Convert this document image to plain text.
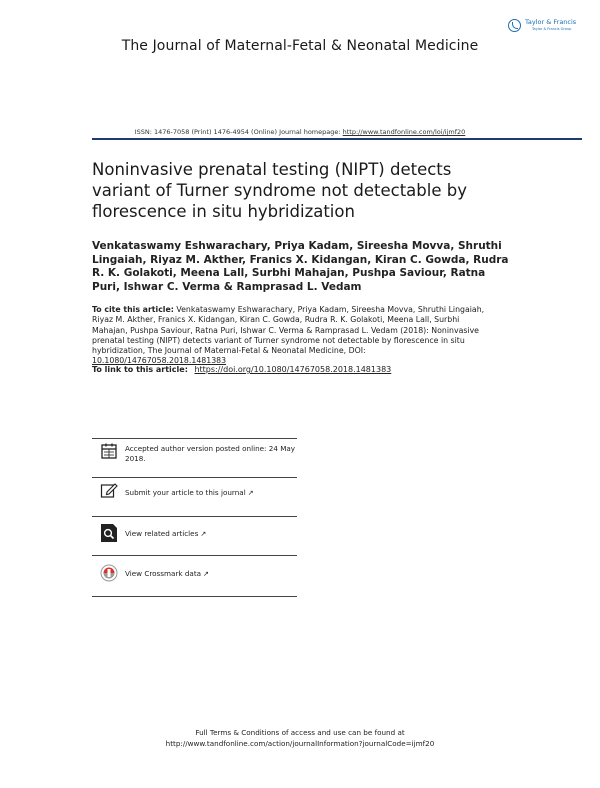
The Journal of Maternal-Fetal & Neonatal Medicine
Taylor & Francis
Taylor & Francis Group
ISSN: 1476-7058 (Print) 1476-4954 (Online) Journal homepage: http://www.tandfonline.com/loi/ijmf20
Noninvasive prenatal testing (NIPT) detects variant of Turner syndrome not detectable by florescence in situ hybridization
Venkataswamy Eshwarachary, Priya Kadam, Sireesha Movva, Shruthi Lingaiah, Riyaz M. Akther, Franics X. Kidangan, Kiran C. Gowda, Rudra R. K. Golakoti, Meena Lall, Surbhi Mahajan, Pushpa Saviour, Ratna Puri, Ishwar C. Verma & Ramprasad L. Vedam
To cite this article: Venkataswamy Eshwarachary, Priya Kadam, Sireesha Movva, Shruthi Lingaiah, Riyaz M. Akther, Franics X. Kidangan, Kiran C. Gowda, Rudra R. K. Golakoti, Meena Lall, Surbhi Mahajan, Pushpa Saviour, Ratna Puri, Ishwar C. Verma & Ramprasad L. Vedam (2018): Noninvasive prenatal testing (NIPT) detects variant of Turner syndrome not detectable by florescence in situ hybridization, The Journal of Maternal-Fetal & Neonatal Medicine, DOI: 10.1080/14767058.2018.1481383
To link to this article: https://doi.org/10.1080/14767058.2018.1481383
Accepted author version posted online: 24 May 2018.
Submit your article to this journal ↗
View related articles ↗
View Crossmark data ↗
Full Terms & Conditions of access and use can be found at
http://www.tandfonline.com/action/journalInformation?journalCode=ijmf20
